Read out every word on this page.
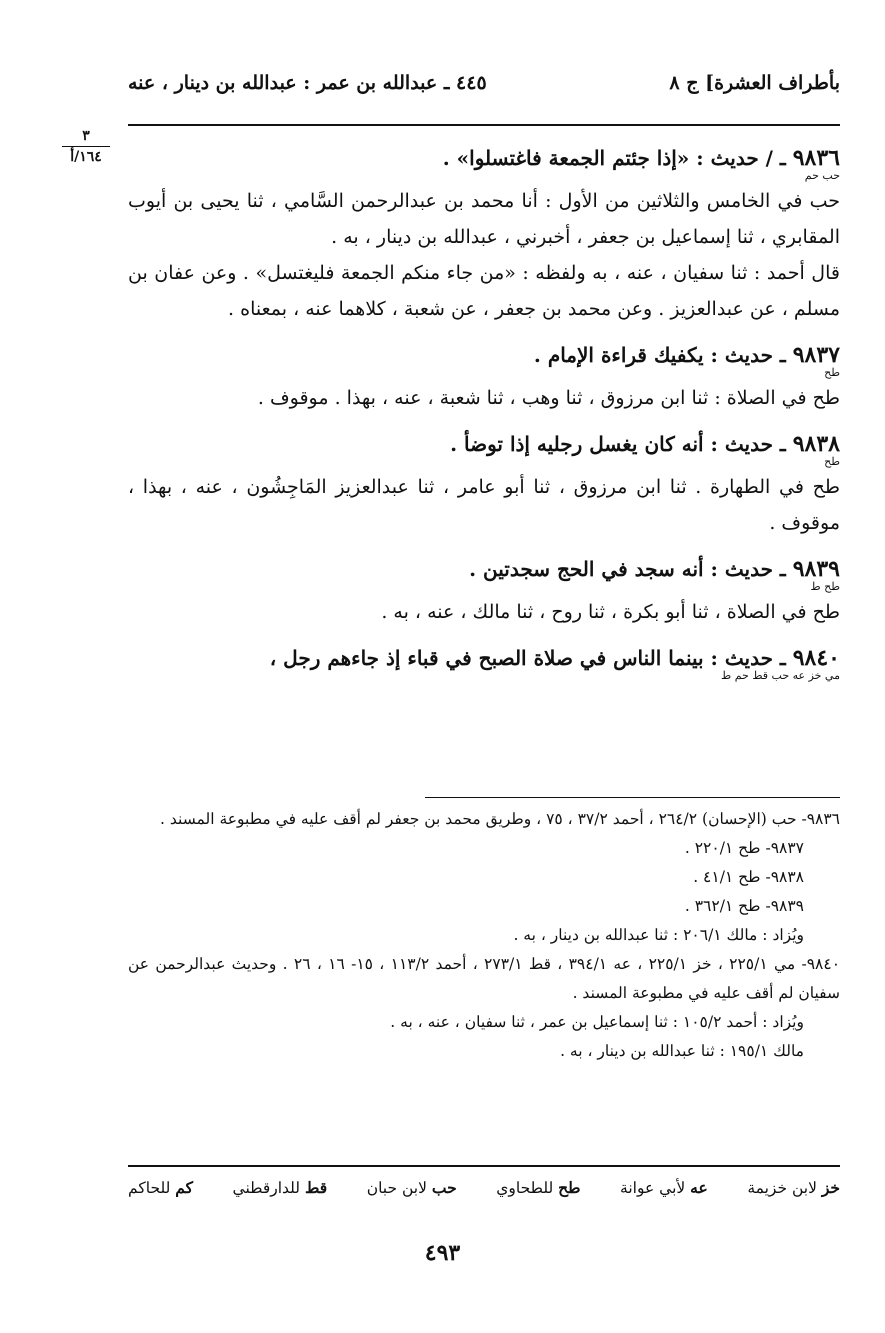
بأطراف العشرة] ج ٨
٤٤٥ ـ عبدالله بن عمر : عبدالله بن دينار ، عنه
٣
١٦٤/أ	٩٨٣٦ ـ / حديث : «إذا جئتم الجمعة فاغتسلوا» .
حب حم

حب في الخامس والثلاثين من الأول : أنا محمد بن عبدالرحمن السَّامي ، ثنا يحيى بن أيوب المقابري ، ثنا إسماعيل بن جعفر ، أخبرني ، عبدالله بن دينار ، به .

قال أحمد : ثنا سفيان ، عنه ، به ولفظه : «من جاء منكم الجمعة فليغتسل» . وعن عفان بن مسلم ، عن عبدالعزيز . وعن محمد بن جعفر ، عن شعبة ، كلاهما عنه ، بمعناه .

٩٨٣٧ ـ حديث : يكفيك قراءة الإمام .
طح

طح في الصلاة : ثنا ابن مرزوق ، ثنا وهب ، ثنا شعبة ، عنه ، بهذا . موقوف .

٩٨٣٨ ـ حديث : أنه كان يغسل رجليه إذا توضأ .
طح

طح في الطهارة . ثنا ابن مرزوق ، ثنا أبو عامر ، ثنا عبدالعزيز المَاجِشُون ، عنه ، بهذا ، موقوف .

٩٨٣٩ ـ حديث : أنه سجد في الحج سجدتين .
طح ط

طح في الصلاة ، ثنا أبو بكرة ، ثنا روح ، ثنا مالك ، عنه ، به .

٩٨٤٠ ـ حديث : بينما الناس في صلاة الصبح في قباء إذ جاءهم رجل ،
مي خز عه حب قط حم ط

٩٨٣٦- حب (الإحسان) ٢٦٤/٢ ، أحمد ٣٧/٢ ، ٧٥ ، وطريق محمد بن جعفر لم أقف عليه في مطبوعة المسند .

٩٨٣٧- طح ٢٢٠/١ .

٩٨٣٨- طح ٤١/١ .

٩٨٣٩- طح ٣٦٢/١ .

ويُزاد : مالك ٢٠٦/١ : ثنا عبدالله بن دينار ، به .

٩٨٤٠- مي ٢٢٥/١ ، خز ٢٢٥/١ ، عه ٣٩٤/١ ، قط ٢٧٣/١ ، أحمد ١١٣/٢ ، ١٥- ١٦ ، ٢٦ . وحديث عبدالرحمن عن سفيان لم أقف عليه في مطبوعة المسند .

ويُزاد : أحمد ١٠٥/٢ : ثنا إسماعيل بن عمر ، ثنا سفيان ، عنه ، به .

مالك ١٩٥/١ : ثنا عبدالله بن دينار ، به .

خز لابن خزيمة
عه لأبي عوانة
طح للطحاوي
حب لابن حبان
قط للدارقطني
كم للحاكم
٤٩٣
